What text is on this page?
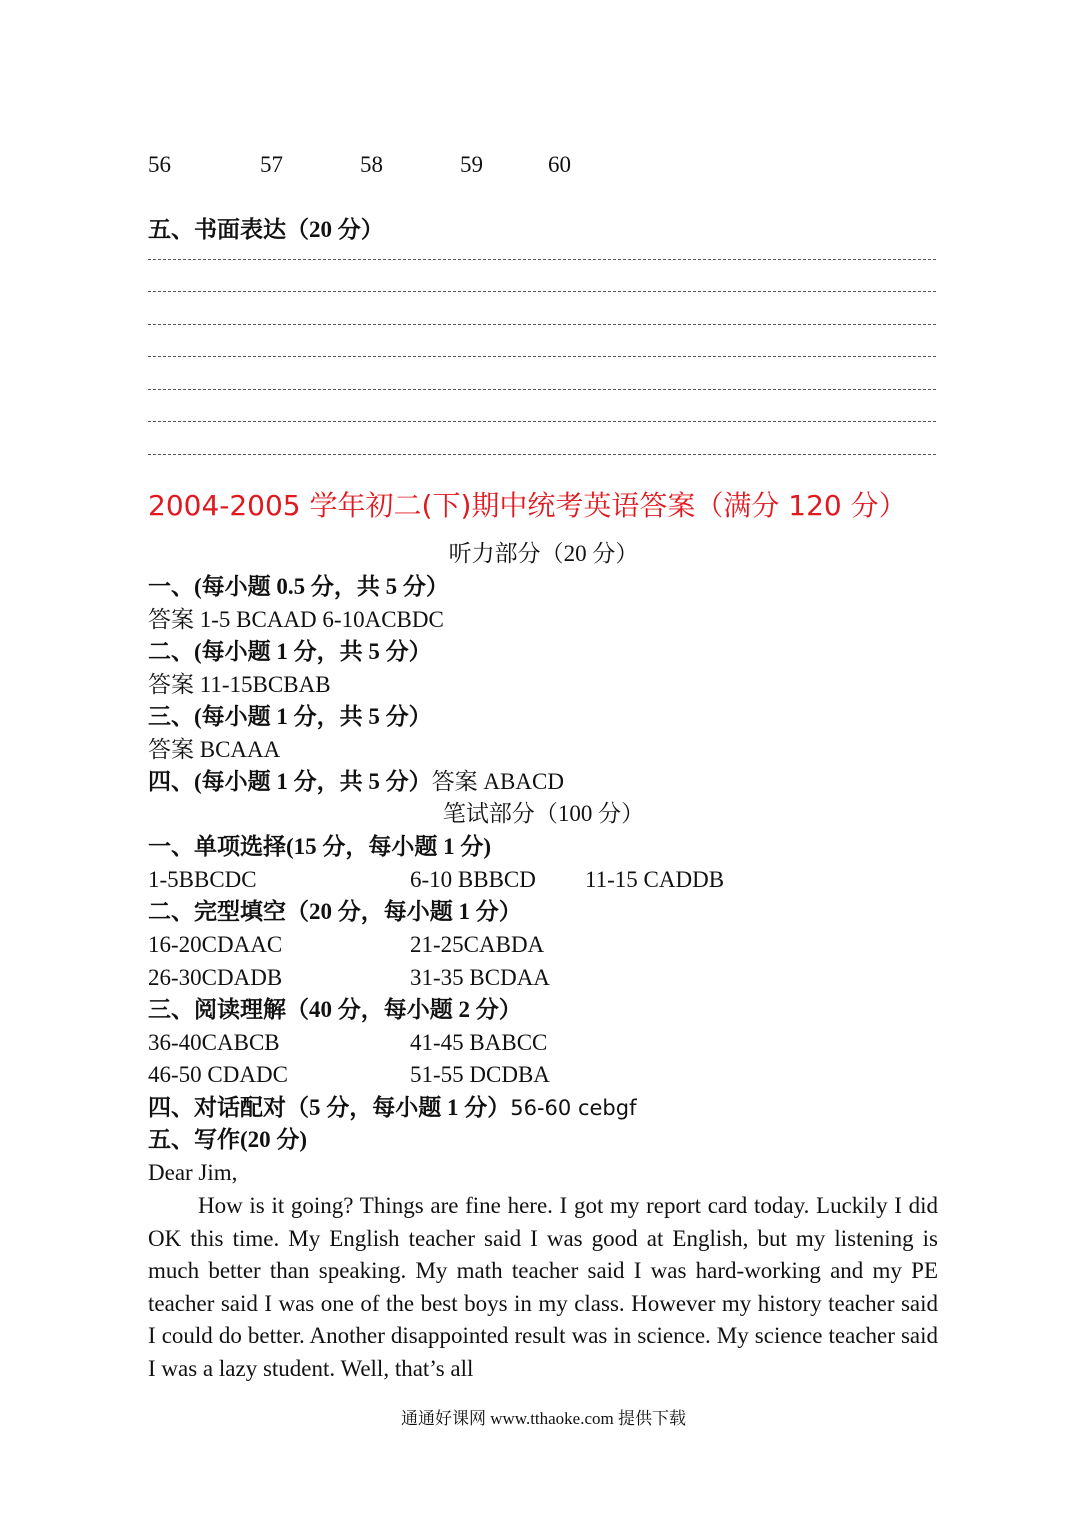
56	57	58	59	60
五、书面表达（20 分）
2004-2005 学年初二(下)期中统考英语答案（满分 120 分）
听力部分（20 分）
一、(每小题 0.5 分，共 5 分）
答案 1-5 BCAAD 6-10ACBDC
二、(每小题 1 分，共 5 分）
答案 11-15BCBAB
三、(每小题 1 分，共 5 分）
答案 BCAAA
四、(每小题 1 分，共 5 分）答案 ABACD
笔试部分（100 分）
一、单项选择(15 分，每小题 1 分)
1-5BBCDC	6-10 BBBCD 11-15 CADDB
二、完型填空（20 分，每小题 1 分）
16-20CDAAC	21-25CABDA
26-30CDADB	31-35 BCDAA
三、阅读理解（40 分，每小题 2 分）
36-40CABCB	41-45 BABCC
46-50 CDADC	51-55 DCDBA
四、对话配对（5 分，每小题 1 分）56-60 cebgf
五、写作(20 分)
Dear Jim,
How is it going? Things are fine here. I got my report card today. Luckily I did OK this time. My English teacher said I was good at English, but my listening is much better than speaking. My math teacher said I was hard-working and my PE teacher said I was one of the best boys in my class. However my history teacher said I could do better. Another disappointed result was in science. My science teacher said I was a lazy student. Well, that’s all
通通好课网 www.tthaoke.com 提供下载
